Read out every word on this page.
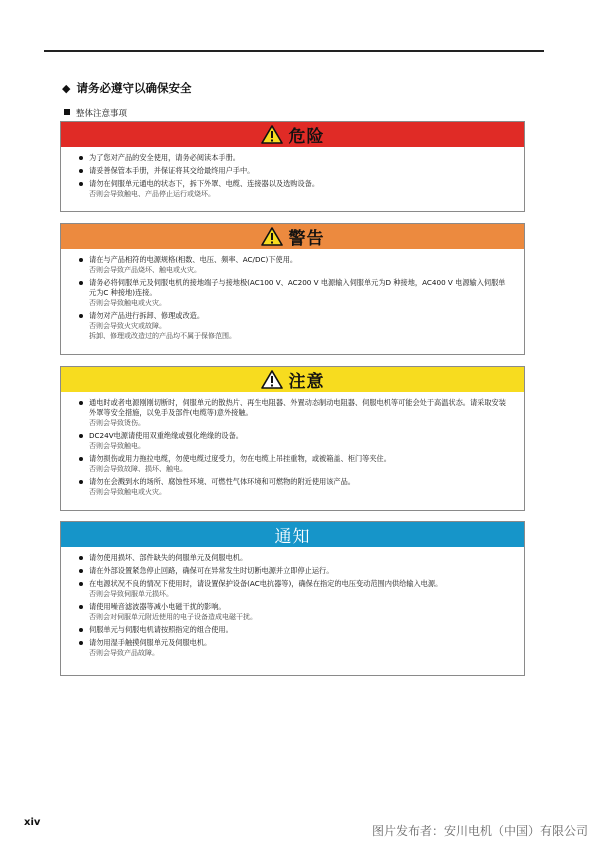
◆ 请务必遵守以确保安全
整体注意事项
危险
为了您对产品的安全使用，请务必阅读本手册。
请妥善保管本手册，并保证将其交给最终用户手中。
请勿在伺服单元通电的状态下，拆下外罩、电缆、连接器以及选购设备。
否则会导致触电、产品停止运行或烧坏。
警告
请在与产品相符的电源规格(相数、电压、频率、AC/DC)下使用。
否则会导致产品烧坏、触电或火灾。
请务必将伺服单元及伺服电机的接地端子与接地极(AC100 V、AC200 V 电源输入伺服单元为D 种接地，AC400 V 电源输入伺服单元为C 种接地)连接。
否则会导致触电或火灾。
请勿对产品进行拆卸、修理或改造。
否则会导致火灾或故障。
拆卸、修理或改造过的产品均不属于保修范围。
注意
通电时或者电源刚刚切断时，伺服单元的散热片、再生电阻器、外置动态制动电阻器、伺服电机等可能会处于高温状态。请采取安装外罩等安全措施，以免手及部件(电缆等)意外接触。
否则会导致烫伤。
DC24V电源请使用双重绝缘或强化绝缘的设备。
否则会导致触电。
请勿损伤或用力拖拉电缆，勿使电缆过度受力，勿在电缆上吊挂重物，或被箱盖、柜门等夹住。
否则会导致故障、损坏、触电。
请勿在会溅到水的场所、腐蚀性环境、可燃性气体环境和可燃物的附近使用该产品。
否则会导致触电或火灾。
通知
请勿使用损坏、部件缺失的伺服单元及伺服电机。
请在外部设置紧急停止回路，确保可在异常发生时切断电源并立即停止运行。
在电源状况不良的情况下使用时，请设置保护设备(AC电抗器等)，确保在指定的电压变动范围内供给输入电源。
否则会导致伺服单元损坏。
请使用噪音滤波器等减小电磁干扰的影响。
否则会对伺服单元附近使用的电子设备造成电磁干扰。
伺服单元与伺服电机请按照指定的组合使用。
请勿用湿手触摸伺服单元及伺服电机。
否则会导致产品故障。
xiv
图片发布者：安川电机（中国）有限公司
